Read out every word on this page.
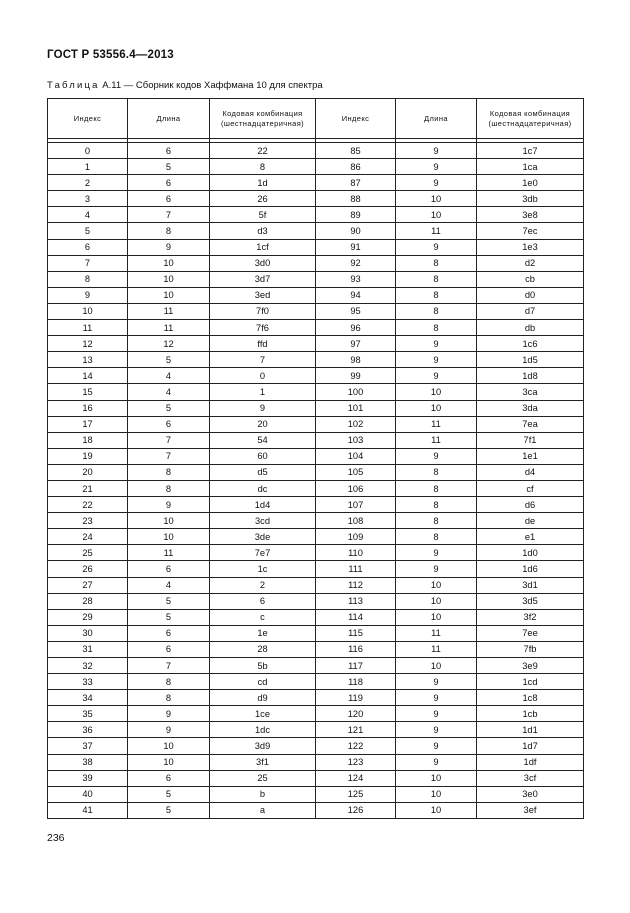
ГОСТ Р 53556.4—2013
Таблица А.11 — Сборник кодов Хаффмана 10 для спектра
Индекс	Длина	Кодовая комбинация (шестнадцатеричная)	Индекс	Длина	Кодовая комбинация (шестнадцатеричная)

0	6	22	85	9	1c7
1	5	8	86	9	1ca
2	6	1d	87	9	1e0
3	6	26	88	10	3db
4	7	5f	89	10	3e8
5	8	d3	90	11	7ec
6	9	1cf	91	9	1e3
7	10	3d0	92	8	d2
8	10	3d7	93	8	cb
9	10	3ed	94	8	d0
10	11	7f0	95	8	d7
11	11	7f6	96	8	db
12	12	ffd	97	9	1c6
13	5	7	98	9	1d5
14	4	0	99	9	1d8
15	4	1	100	10	3ca
16	5	9	101	10	3da
17	6	20	102	11	7ea
18	7	54	103	11	7f1
19	7	60	104	9	1e1
20	8	d5	105	8	d4
21	8	dc	106	8	cf
22	9	1d4	107	8	d6
23	10	3cd	108	8	de
24	10	3de	109	8	e1
25	11	7e7	110	9	1d0
26	6	1c	111	9	1d6
27	4	2	112	10	3d1
28	5	6	113	10	3d5
29	5	c	114	10	3f2
30	6	1e	115	11	7ee
31	6	28	116	11	7fb
32	7	5b	117	10	3e9
33	8	cd	118	9	1cd
34	8	d9	119	9	1c8
35	9	1ce	120	9	1cb
36	9	1dc	121	9	1d1
37	10	3d9	122	9	1d7
38	10	3f1	123	9	1df
39	6	25	124	10	3cf
40	5	b	125	10	3e0
41	5	a	126	10	3ef
236
